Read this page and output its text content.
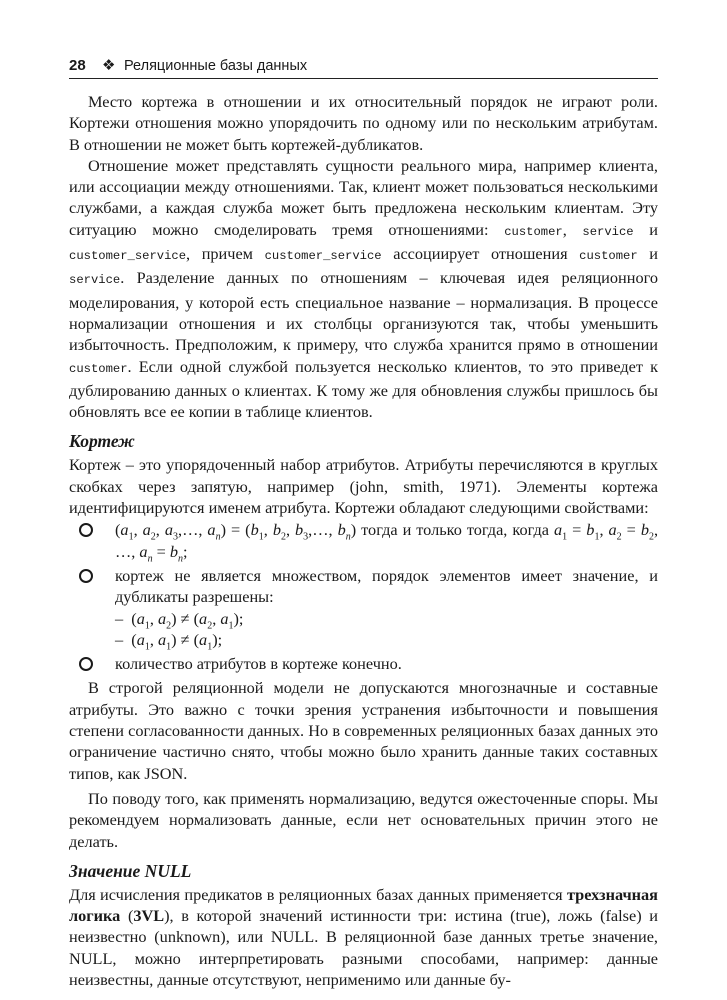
28 ❖ Реляционные базы данных

Место кортежа в отношении и их относительный порядок не играют роли. Кортежи отношения можно упорядочить по одному или по нескольким атрибутам. В отношении не может быть кортежей-дубликатов.

Отношение может представлять сущности реального мира, например клиента, или ассоциации между отношениями. Так, клиент может пользоваться несколькими службами, а каждая служба может быть предложена нескольким клиентам. Эту ситуацию можно смоделировать тремя отношениями: customer, service и customer_service, причем customer_service ассоциирует отношения customer и service. Разделение данных по отношениям – ключевая идея реляционного моделирования, у которой есть специальное название – нормализация. В процессе нормализации отношения и их столбцы организуются так, чтобы уменьшить избыточность. Предположим, к примеру, что служба хранится прямо в отношении customer. Если одной службой пользуется несколько клиентов, то это приведет к дублированию данных о клиентах. К тому же для обновления службы пришлось бы обновлять все ее копии в таблице клиентов.

Кортеж

Кортеж – это упорядоченный набор атрибутов. Атрибуты перечисляются в круглых скобках через запятую, например (john, smith, 1971). Элементы кортежа идентифицируются именем атрибута. Кортежи обладают следующими свойствами:

($a_1$, $a_2$, $a_3,\dots$, $a_n) = (b_1$, $b_2$, $b_3,\dots$, $b_n$) тогда и только тогда, когда $a_1 = b_1$, $a_2 = b_2$, …, $a_n = b_n$;
кортеж не является множеством, порядок элементов имеет значение, и дубликаты разрешены:
–  ($a_1$, $a_2) \ne (a_2$, $a_1$);
–  ($a_1$, $a_1) \ne (a_1)$;
количество атрибутов в кортеже конечно.

В строгой реляционной модели не допускаются многозначные и составные атрибуты. Это важно с точки зрения устранения избыточности и повышения степени согласованности данных. Но в современных реляционных базах данных это ограничение частично снято, чтобы можно было хранить данные таких составных типов, как JSON.

По поводу того, как применять нормализацию, ведутся ожесточенные споры. Мы рекомендуем нормализовать данные, если нет основательных причин этого не делать.

Значение NULL

Для исчисления предикатов в реляционных базах данных применяется трехзначная логика (3VL), в которой значений истинности три: истина (true), ложь (false) и неизвестно (unknown), или NULL. В реляционной базе данных третье значение, NULL, можно интерпретировать разными способами, например: данные неизвестны, данные отсутствуют, неприменимо или данные бу-
